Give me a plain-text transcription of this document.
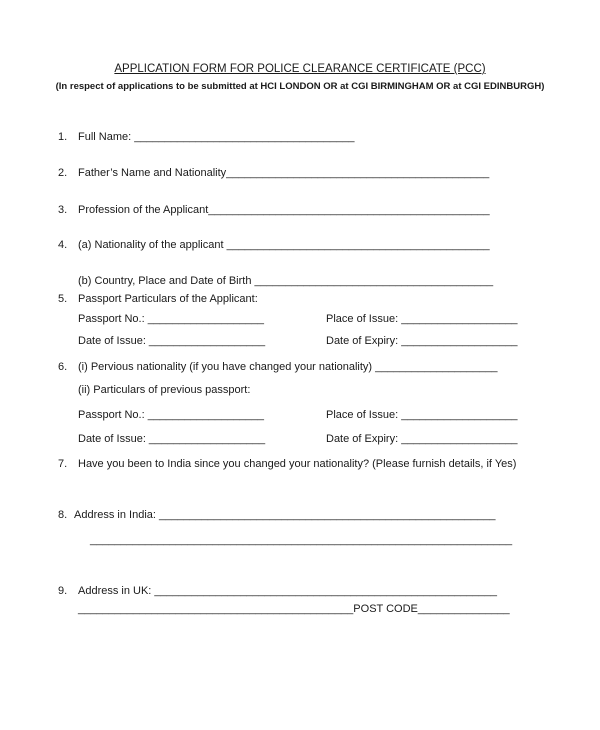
APPLICATION FORM FOR POLICE CLEARANCE CERTIFICATE (PCC)
(In respect of applications to be submitted at HCI LONDON OR at CGI BIRMINGHAM OR at CGI EDINBURGH)
1. Full Name: ____________________________________
2. Father’s Name and Nationality___________________________________________
3. Profession of the Applicant______________________________________________
4. (a) Nationality of the applicant ___________________________________________
(b) Country, Place and Date of Birth _______________________________________
5. Passport Particulars of the Applicant:
Passport No.: ___________________	Place of Issue: ___________________
Date of Issue: ___________________	Date of Expiry: ___________________
6. (i) Pervious nationality (if you have changed your nationality) ____________________
(ii) Particulars of previous passport:
Passport No.: ___________________	Place of Issue: ___________________
Date of Issue: ___________________	Date of Expiry: ___________________
7. Have you been to India since you changed your nationality? (Please furnish details, if Yes)
8. Address in India: _______________________________________________________
_____________________________________________________________________
9. Address in UK: ________________________________________________________
_____________________________________________POST CODE_______________
